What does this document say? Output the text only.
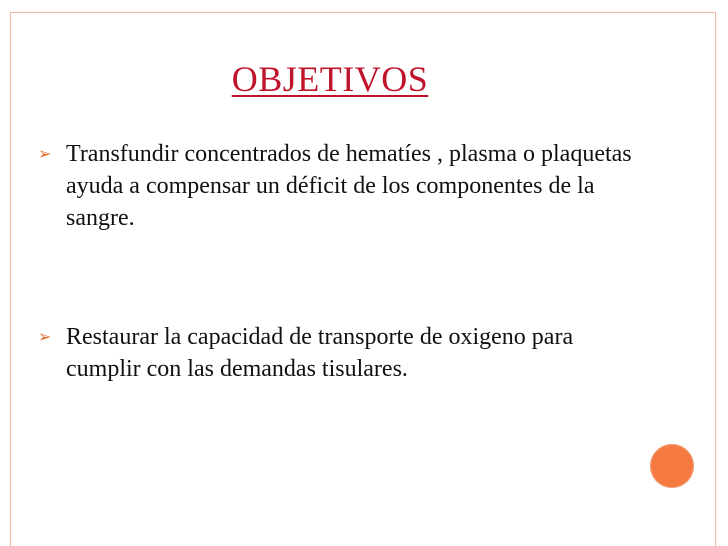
OBJETIVOS
➢ Transfundir concentrados de hematíes , plasma o plaquetas ayuda a compensar un déficit de los componentes de la sangre.
➢ Restaurar la capacidad de transporte de oxigeno para cumplir con las demandas tisulares.
